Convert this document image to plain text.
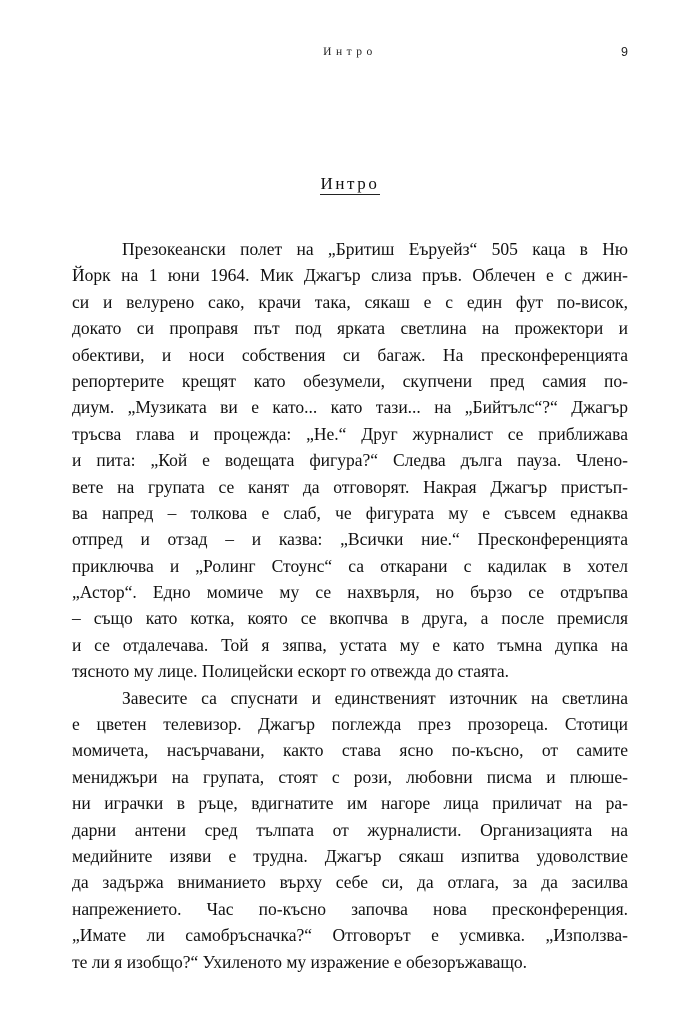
Интро	9
Интро
Презокеански полет на „Бритиш Еъруейз“ 505 каца в Ню
Йорк на 1 юни 1964. Мик Джагър слиза пръв. Облечен е с джин-
си и велурено сако, крачи така, сякаш е с един фут по-висок,
докато си проправя път под ярката светлина на прожектори и
обективи, и носи собствения си багаж. На пресконференцията
репортерите крещят като обезумели, скупчени пред самия по-
диум. „Музиката ви е като... като тази... на „Бийтълс“?“ Джагър
тръсва глава и процежда: „Не.“ Друг журналист се приближава
и пита: „Кой е водещата фигура?“ Следва дълга пауза. Члено-
вете на групата се канят да отговорят. Накрая Джагър пристъп-
ва напред – толкова е слаб, че фигурата му е съвсем еднаква
отпред и отзад – и казва: „Всички ние.“ Пресконференцията
приключва и „Ролинг Стоунс“ са откарани с кадилак в хотел
„Астор“. Едно момиче му се нахвърля, но бързо се отдръпва
– също като котка, която се вкопчва в друга, а после премисля
и се отдалечава. Той я зяпва, устата му е като тъмна дупка на
тясното му лице. Полицейски ескорт го отвежда до стаята.
Завесите са спуснати и единственият източник на светлина
е цветен телевизор. Джагър поглежда през прозореца. Стотици
момичета, насърчавани, както става ясно по-късно, от самите
мениджъри на групата, стоят с рози, любовни писма и плюше-
ни играчки в ръце, вдигнатите им нагоре лица приличат на ра-
дарни антени сред тълпата от журналисти. Организацията на
медийните изяви е трудна. Джагър сякаш изпитва удоволствие
да задържа вниманието върху себе си, да отлага, за да засилва
напрежението. Час по-късно започва нова пресконференция.
„Имате ли самобръсначка?“ Отговорът е усмивка. „Използва-
те ли я изобщо?“ Ухиленото му изражение е обезоръжаващо.
